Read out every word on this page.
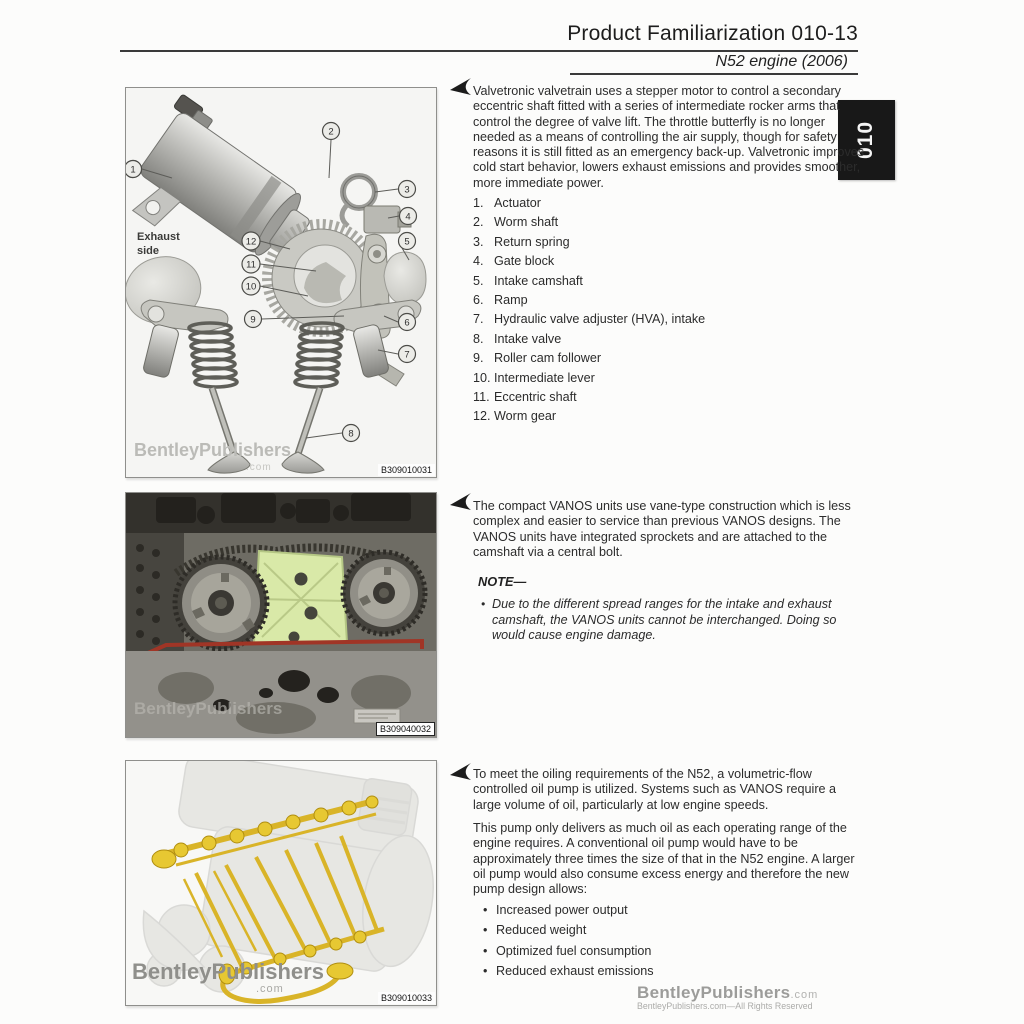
Product Familiarization 010-13
N52 engine (2006)
010
Exhaust
side
1
2
3
4
5
6
7
8
9
10
11
12
BentleyPublishers
.com	B309010031
Valvetronic valvetrain uses a stepper motor to control a secondary eccentric shaft fitted with a series of intermediate rocker arms that control the degree of valve lift. The throttle butterfly is no longer needed as a means of controlling the air supply, though for safety reasons it is still fitted as an emergency back-up. Valvetronic improves cold start behavior, lowers exhaust emissions and provides smoother, more immediate power.
1. Actuator
2. Worm shaft
3. Return spring
4. Gate block
5. Intake camshaft
6. Ramp
7. Hydraulic valve adjuster (HVA), intake
8. Intake valve
9. Roller cam follower
10. Intermediate lever
11. Eccentric shaft
12. Worm gear
BentleyPublishers
B309040032
The compact VANOS units use vane-type construction which is less complex and easier to service than previous VANOS designs. The VANOS units have integrated sprockets and are attached to the camshaft via a central bolt.
NOTE—
• Due to the different spread ranges for the intake and exhaust camshaft, the VANOS units cannot be interchanged. Doing so would cause engine damage.
BentleyPublishers
.com
B309010033
To meet the oiling requirements of the N52, a volumetric-flow controlled oil pump is utilized. Systems such as VANOS require a large volume of oil, particularly at low engine speeds.
This pump only delivers as much oil as each operating range of the engine requires. A conventional oil pump would have to be approximately three times the size of that in the N52 engine. A larger oil pump would also consume excess energy and therefore the new pump design allows:
• Increased power output
• Reduced weight
• Optimized fuel consumption
• Reduced exhaust emissions
BentleyPublishers.com
BentleyPublishers.com—All Rights Reserved
